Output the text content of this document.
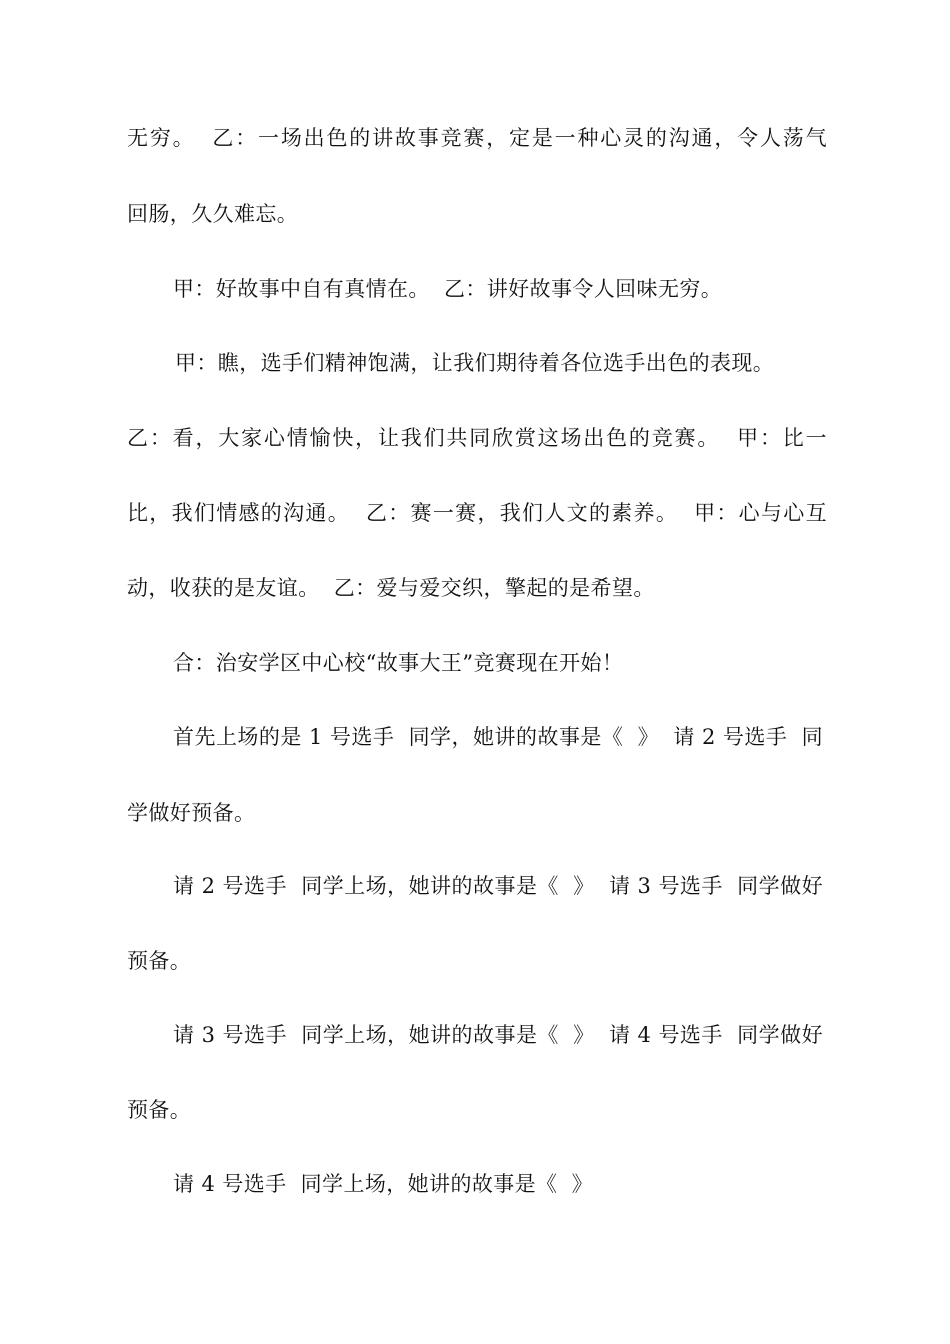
无穷。  乙：一场出色的讲故事竞赛，定是一种心灵的沟通，令人荡气
回肠，久久难忘。
甲：好故事中自有真情在。  乙：讲好故事令人回味无穷。
甲：瞧，选手们精神饱满，让我们期待着各位选手出色的表现。
乙：看，大家心情愉快，让我们共同欣赏这场出色的竞赛。  甲：比一
比，我们情感的沟通。  乙：赛一赛，我们人文的素养。  甲：心与心互
动，收获的是友谊。  乙：爱与爱交织，擎起的是希望。
合：治安学区中心校“故事大王”竞赛现在开始！
首先上场的是 1 号选手  同学，她讲的故事是《  》  请 2 号选手  同
学做好预备。
请 2 号选手  同学上场，她讲的故事是《  》  请 3 号选手  同学做好
预备。
请 3 号选手  同学上场，她讲的故事是《  》  请 4 号选手  同学做好
预备。
请 4 号选手  同学上场，她讲的故事是《  》
